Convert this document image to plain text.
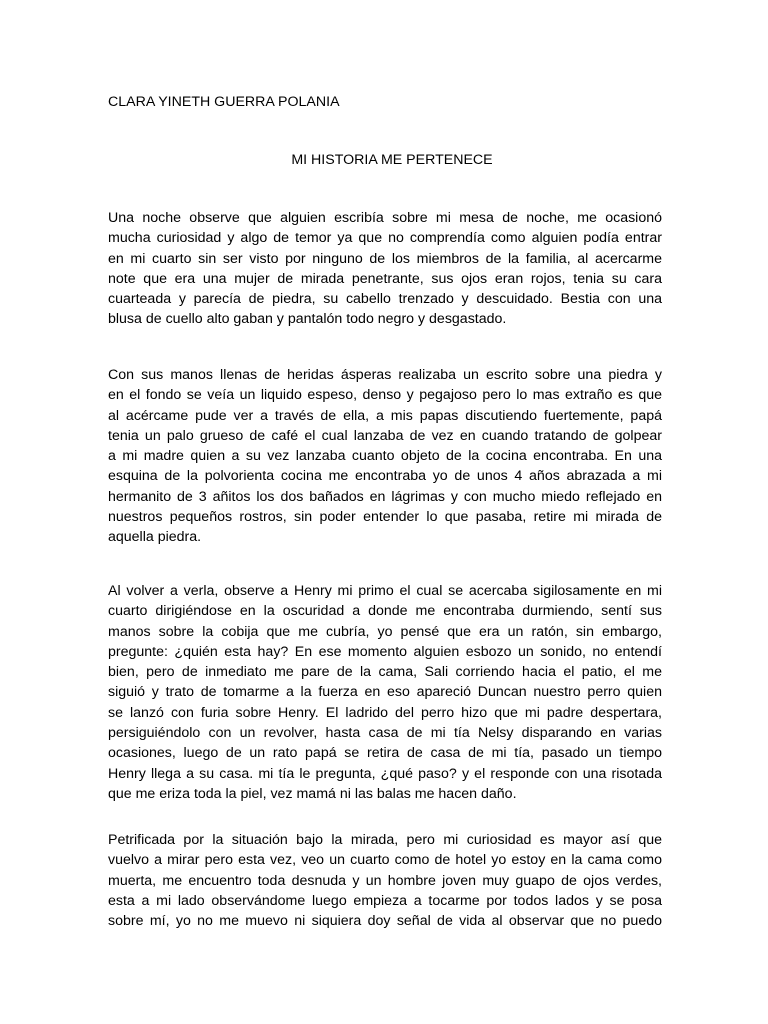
CLARA YINETH GUERRA POLANIA
MI HISTORIA ME PERTENECE
Una noche observe que alguien escribía sobre mi mesa de noche, me ocasionó
mucha curiosidad y algo de temor ya que no comprendía como alguien podía entrar
en mi cuarto sin ser visto por ninguno de los miembros de la familia, al acercarme
note que era una mujer de mirada penetrante, sus ojos eran rojos, tenia su cara
cuarteada y parecía de piedra, su cabello trenzado y descuidado. Bestia con una
blusa de cuello alto gaban y pantalón todo negro y desgastado.
Con sus manos llenas de heridas ásperas realizaba un escrito sobre una piedra y
en el fondo se veía un liquido espeso, denso y pegajoso pero lo mas extraño es que
al acércame pude ver a través de ella, a mis papas discutiendo fuertemente, papá
tenia un palo grueso de café el cual lanzaba de vez en cuando tratando de golpear
a mi madre quien a su vez lanzaba cuanto objeto de la cocina encontraba. En una
esquina de la polvorienta cocina me encontraba yo de unos 4 años abrazada a mi
hermanito de 3 añitos los dos bañados en lágrimas y con mucho miedo reflejado en
nuestros pequeños rostros, sin poder entender lo que pasaba, retire mi mirada de
aquella piedra.
Al volver a verla, observe a Henry mi primo el cual se acercaba sigilosamente en mi
cuarto dirigiéndose en la oscuridad a donde me encontraba durmiendo, sentí sus
manos sobre la cobija que me cubría, yo pensé que era un ratón, sin embargo,
pregunte: ¿quién esta hay? En ese momento alguien esbozo un sonido, no entendí
bien, pero de inmediato me pare de la cama, Sali corriendo hacia el patio, el me
siguió y trato de tomarme a la fuerza en eso apareció Duncan nuestro perro quien
se lanzó con furia sobre Henry. El ladrido del perro hizo que mi padre despertara,
persiguiéndolo con un revolver, hasta casa de mi tía Nelsy disparando en varias
ocasiones, luego de un rato papá se retira de casa de mi tía, pasado un tiempo
Henry llega a su casa. mi tía le pregunta, ¿qué paso? y el responde con una risotada
que me eriza toda la piel, vez mamá ni las balas me hacen daño.
Petrificada por la situación bajo la mirada, pero mi curiosidad es mayor así que
vuelvo a mirar pero esta vez, veo un cuarto como de hotel yo estoy en la cama como
muerta, me encuentro toda desnuda y un hombre joven muy guapo de ojos verdes,
esta a mi lado observándome luego empieza a tocarme por todos lados y se posa
sobre mí, yo no me muevo ni siquiera doy señal de vida al observar que no puedo
